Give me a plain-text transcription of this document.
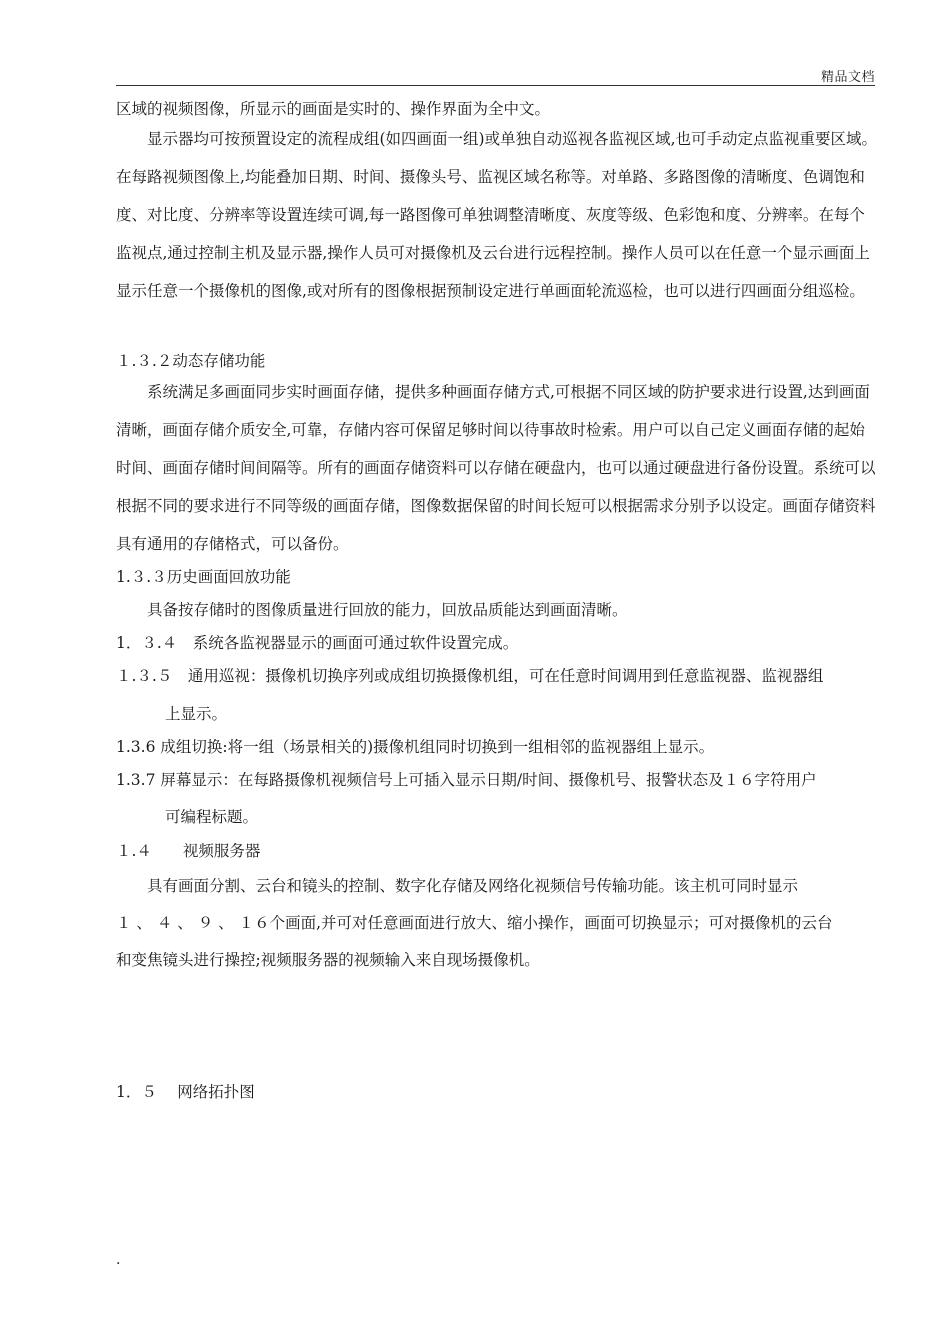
精品文档
区域的视频图像，所显示的画面是实时的、操作界面为全中文。

显示器均可按预置设定的流程成组(如四画面一组)或单独自动巡视各监视区域,也可手动定点监视重要区域。在每路视频图像上,均能叠加日期、时间、摄像头号、监视区域名称等。对单路、多路图像的清晰度、色调饱和度、对比度、分辨率等设置连续可调,每一路图像可单独调整清晰度、灰度等级、色彩饱和度、分辨率。在每个监视点,通过控制主机及显示器,操作人员可对摄像机及云台进行远程控制。操作人员可以在任意一个显示画面上显示任意一个摄像机的图像,或对所有的图像根据预制设定进行单画面轮流巡检，也可以进行四画面分组巡检。

１.３.２动态存储功能

系统满足多画面同步实时画面存储，提供多种画面存储方式,可根据不同区域的防护要求进行设置,达到画面清晰，画面存储介质安全,可靠，存储内容可保留足够时间以待事故时检索。用户可以自己定义画面存储的起始时间、画面存储时间间隔等。所有的画面存储资料可以存储在硬盘内，也可以通过硬盘进行备份设置。系统可以根据不同的要求进行不同等级的画面存储，图像数据保留的时间长短可以根据需求分别予以设定。画面存储资料具有通用的存储格式，可以备份。

1.３.３历史画面回放功能
具备按存储时的图像质量进行回放的能力，回放品质能达到画面清晰。
1．３.４　系统各监视器显示的画面可通过软件设置完成。
１.３.５　通用巡视：摄像机切换序列或成组切换摄像机组，可在任意时间调用到任意监视器、监视器组
上显示。
1.3.6 成组切换:将一组（场景相关的)摄像机组同时切换到一组相邻的监视器组上显示。
1.3.7 屏幕显示：在每路摄像机视频信号上可插入显示日期/时间、摄像机号、报警状态及１６字符用户
可编程标题。
１.４　　视频服务器
具有画面分割、云台和镜头的控制、数字化存储及网络化视频信号传输功能。该主机可同时显示
１ 、 ４ 、 ９ 、 １６个画面,并可对任意画面进行放大、缩小操作，画面可切换显示；可对摄像机的云台
和变焦镜头进行操控;视频服务器的视频输入来自现场摄像机。
1．５　 网络拓扑图
.
